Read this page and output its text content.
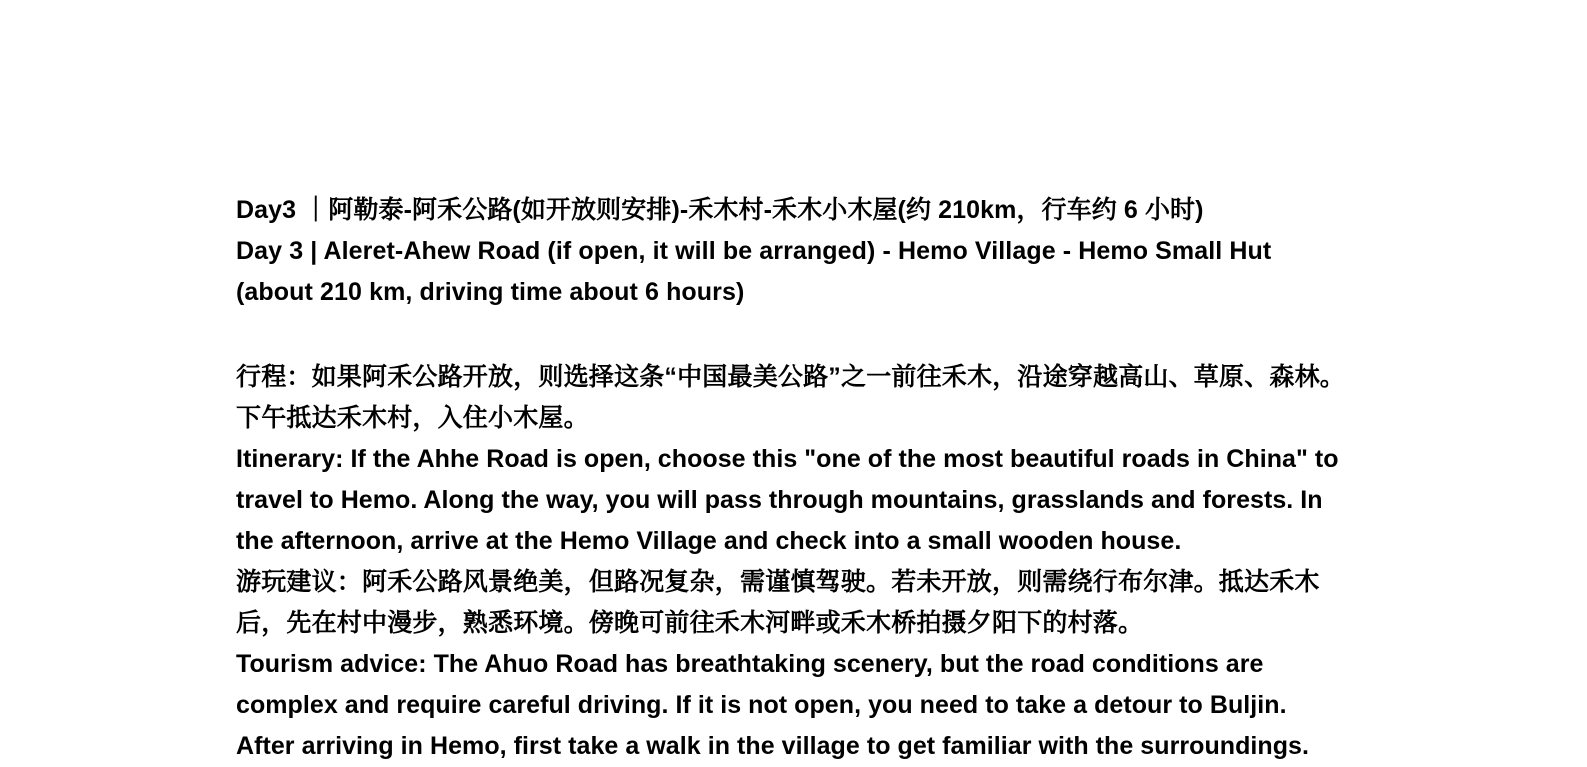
Day3 ｜阿勒泰-阿禾公路(如开放则安排)-禾木村-禾木小木屋(约 210km，行车约 6 小时)
Day 3 | Aleret-Ahew Road (if open, it will be arranged) - Hemo Village - Hemo Small Hut
(about 210 km, driving time about 6 hours)

行程：如果阿禾公路开放，则选择这条“中国最美公路”之一前往禾木，沿途穿越高山、草原、森林。下午抵达禾木村，入住小木屋。

Itinerary: If the Ahhe Road is open, choose this "one of the most beautiful roads in China" to travel to Hemo. Along the way, you will pass through mountains, grasslands and forests. In the afternoon, arrive at the Hemo Village and check into a small wooden house.

游玩建议：阿禾公路风景绝美，但路况复杂，需谨慎驾驶。若未开放，则需绕行布尔津。抵达禾木后，先在村中漫步，熟悉环境。傍晚可前往禾木河畔或禾木桥拍摄夕阳下的村落。

Tourism advice: The Ahuo Road has breathtaking scenery, but the road conditions are complex and require careful driving. If it is not open, you need to take a detour to Buljin.

After arriving in Hemo, first take a walk in the village to get familiar with the surroundings.
